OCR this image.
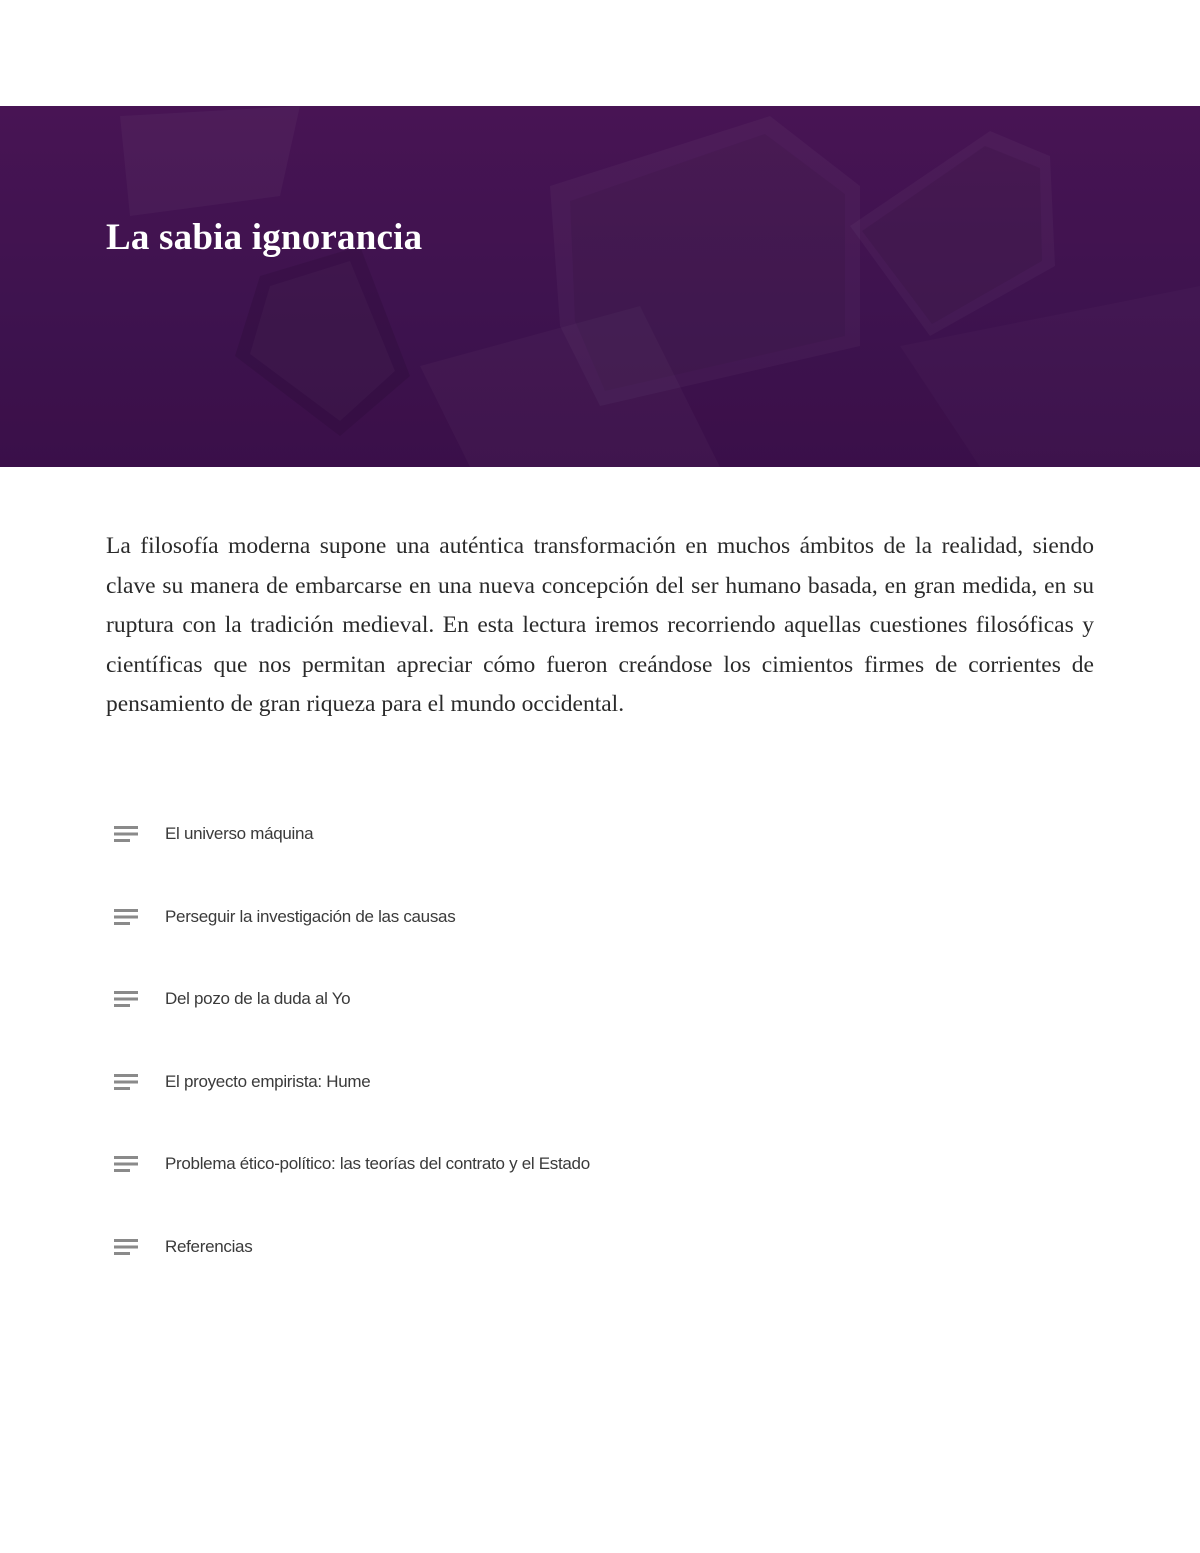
La sabia ignorancia

La filosofía moderna supone una auténtica transformación en muchos ámbitos de la realidad, siendo clave su manera de embarcarse en una nueva concepción del ser humano basada, en gran medida, en su ruptura con la tradición medieval. En esta lectura iremos recorriendo aquellas cuestiones filosóficas y científicas que nos permitan apreciar cómo fueron creándose los cimientos firmes de corrientes de pensamiento de gran riqueza para el mundo occidental.

El universo máquina
Perseguir la investigación de las causas
Del pozo de la duda al Yo
El proyecto empirista: Hume
Problema ético-político: las teorías del contrato y el Estado
Referencias
